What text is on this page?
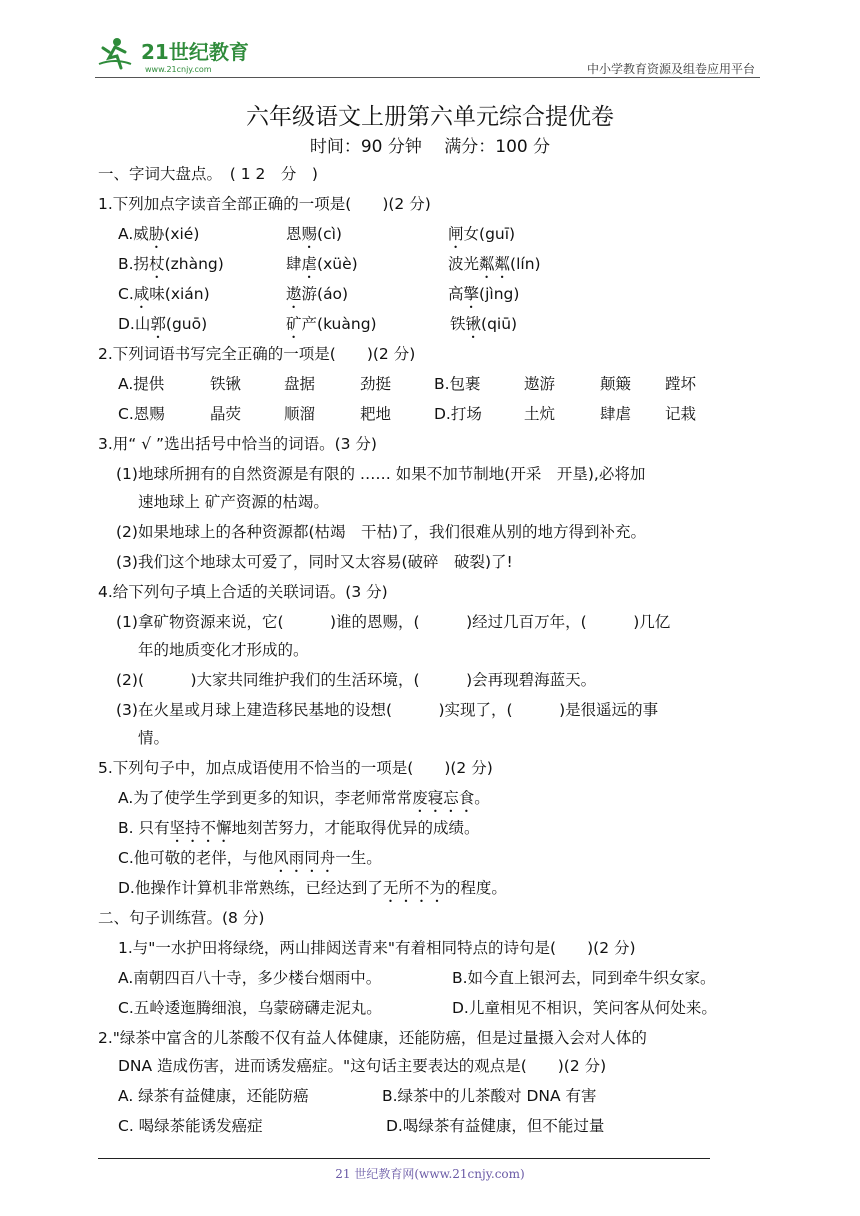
21世纪教育
www.21cnjy.com	中小学教育资源及组卷应用平台
六年级语文上册第六单元综合提优卷
时间：90 分钟　 满分：100 分
一、字词大盘点。　( 1 2　分　)
1.下列加点字读音全部正确的一项是(　　)(2 分)
A.威胁(xié)	恩赐(cì)	闸女(guī)
B.拐杖(zhàng)	肆虐(xüè)	波光粼粼(lín)
C.咸味(xián)	遨游(áo)	高擎(jìng)
D.山郭(guō)	矿产(kuàng)	铁锹(qiū)
2.下列词语书写完全正确的一项是(　　)(2 分)
A.提供	铁锹	盘据	劲挺	B.包裹	遨游	颠簸 蹚坏
C.恩赐	晶荧	顺溜	耙地	D.打场	土炕	肆虐 记栽
3.用“ √ ”选出括号中恰当的词语。(3 分)
(1)地球所拥有的自然资源是有限的 …… 如果不加节制地(开采　开垦),必将加
速地球上 矿产资源的枯竭。
(2)如果地球上的各种资源都(枯竭　干枯)了，我们很难从别的地方得到补充。
(3)我们这个地球太可爱了，同时又太容易(破碎　破裂)了!
4.给下列句子填上合适的关联词语。(3 分)
(1)拿矿物资源来说，它(　　　)谁的恩赐，(　　　)经过几百万年，(　　　)几亿
年的地质变化才形成的。
(2)(　　　)大家共同维护我们的生活环境，(　　　)会再现碧海蓝天。
(3)在火星或月球上建造移民基地的设想(　　　)实现了，(　　　)是很遥远的事
情。
5.下列句子中，加点成语使用不恰当的一项是(　　)(2 分)
A.为了使学生学到更多的知识，李老师常常废寝忘食。
B. 只有坚持不懈地刻苦努力，才能取得优异的成绩。
C.他可敬的老伴，与他风雨同舟一生。
D.他操作计算机非常熟练，已经达到了无所不为的程度。
二、句子训练营。(8 分)
1.与"一水护田将绿绕，两山排闼送青来"有着相同特点的诗句是(　　)(2 分)
A.南朝四百八十寺，多少楼台烟雨中。	B.如今直上银河去，同到牵牛织女家。
C.五岭逶迤腾细浪，乌蒙磅礴走泥丸。	D.儿童相见不相识，笑问客从何处来。
2."绿茶中富含的儿茶酸不仅有益人体健康，还能防癌，但是过量摄入会对人体的
DNA 造成伤害，进而诱发癌症。"这句话主要表达的观点是(　　)(2 分)
A. 绿茶有益健康，还能防癌	B.绿茶中的儿茶酸对 DNA 有害
C. 喝绿茶能诱发癌症	D.喝绿茶有益健康，但不能过量
21 世纪教育网(www.21cnjy.com)
